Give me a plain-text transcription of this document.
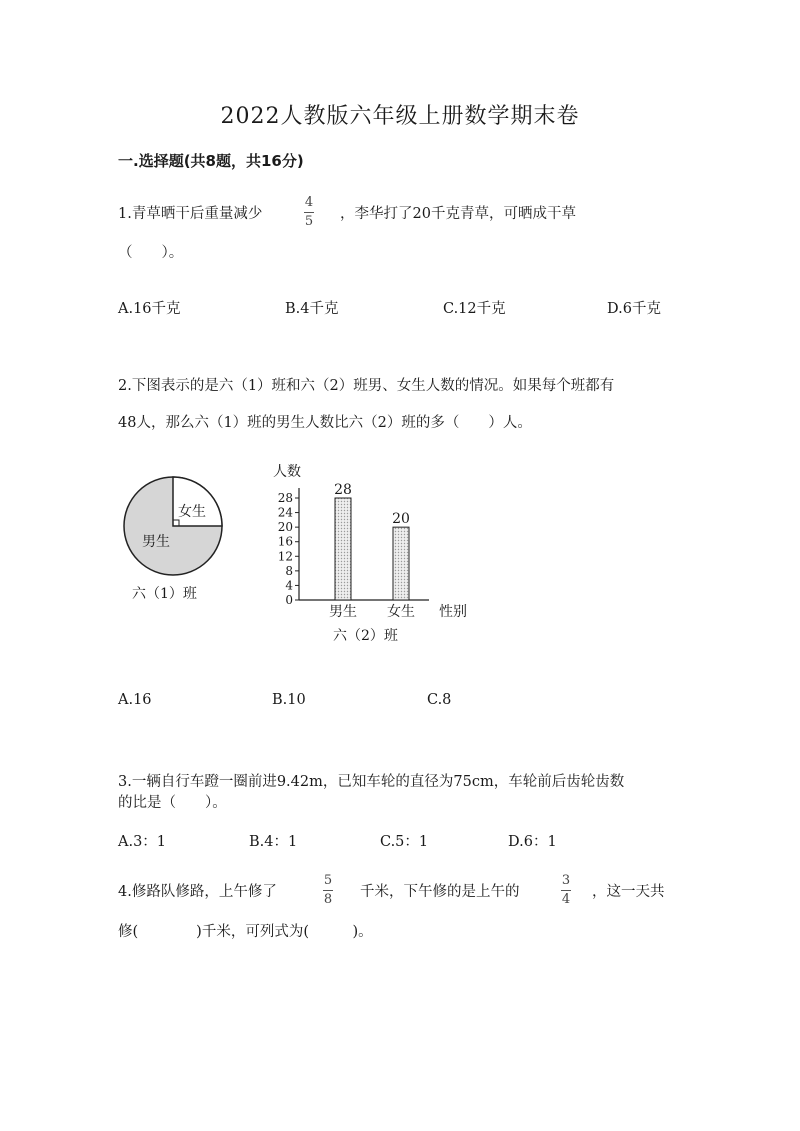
2022人教版六年级上册数学期末卷
一.选择题(共8题，共16分)
1.青草晒干后重量减少
4
5 ，李华打了20千克青草，可晒成干草
（　　）。
A.16千克	B.4千克	C.12千克	D.6千克
2.下图表示的是六（1）班和六（2）班男、女生人数的情况。如果每个班都有
48人，那么六（1）班的男生人数比六（2）班的多（　　）人。
女生
男生
六（1）班
人数
0
4
8
12
16
20
24
28	28
男生
20
女生 性别
六（2）班
A.16	B.10	C.8
3.一辆自行车蹬一圈前进9.42m，已知车轮的直径为75cm，车轮前后齿轮齿数
的比是（　　）。
A.3：1	B.4：1	C.5：1	D.6：1
4.修路队修路，上午修了
5
8 千米，下午修的是上午的
3
4 ，这一天共
修(　　　　)千米，可列式为(　　　)。
